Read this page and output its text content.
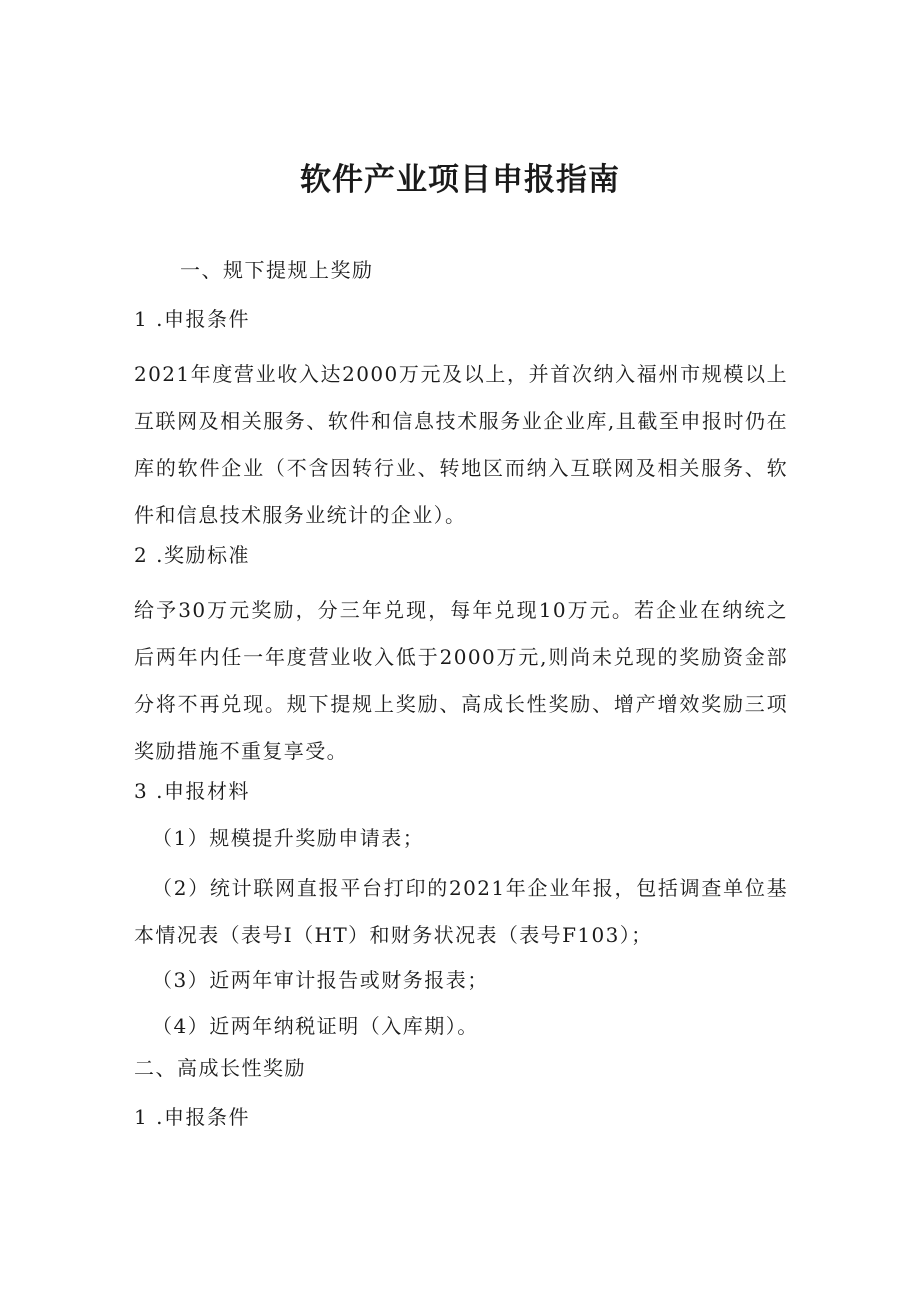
软件产业项目申报指南
一、规下提规上奖励
1 .申报条件
2021年度营业收入达2000万元及以上，并首次纳入福州市规模以上互联网及相关服务、软件和信息技术服务业企业库,且截至申报时仍在库的软件企业（不含因转行业、转地区而纳入互联网及相关服务、软件和信息技术服务业统计的企业）。
2 .奖励标准
给予30万元奖励，分三年兑现，每年兑现10万元。若企业在纳统之后两年内任一年度营业收入低于2000万元,则尚未兑现的奖励资金部分将不再兑现。规下提规上奖励、高成长性奖励、增产增效奖励三项奖励措施不重复享受。
3 .申报材料
（1）规模提升奖励申请表；
（2）统计联网直报平台打印的2021年企业年报，包括调查单位基本情况表（表号I（HT）和财务状况表（表号F103）；
（3）近两年审计报告或财务报表；
（4）近两年纳税证明（入库期）。
二、高成长性奖励
1 .申报条件
